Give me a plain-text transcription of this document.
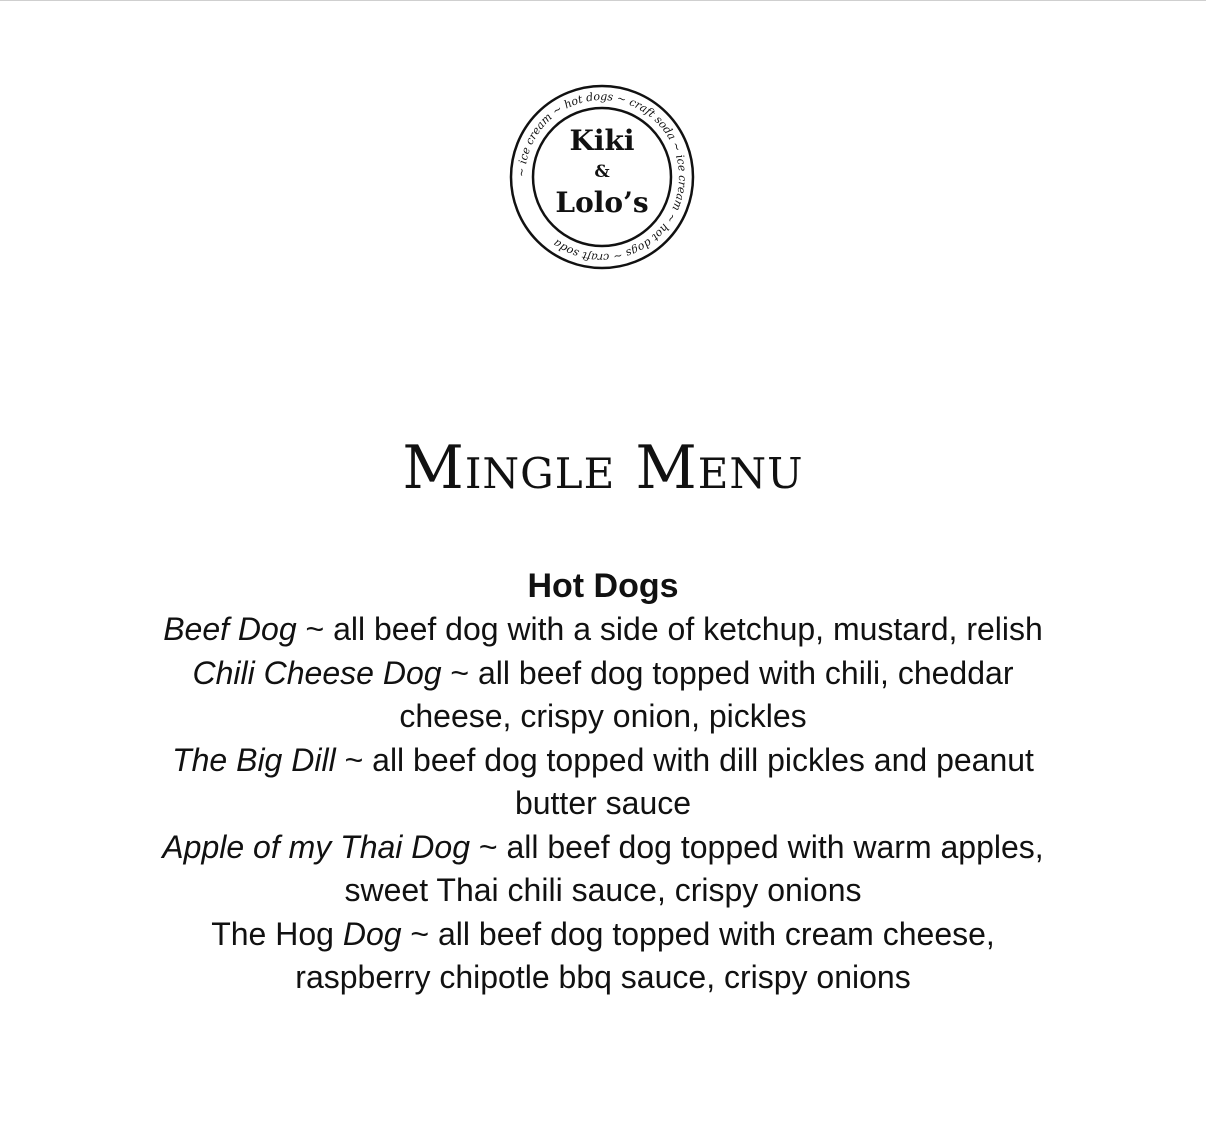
~ ice cream ~ hot dogs ~ craft soda ~ ice cream ~ hot dogs ~ craft soda
Kiki
&
Lolo’s
Mingle Menu
Hot Dogs
Beef Dog ~ all beef dog with a side of ketchup, mustard, relish
Chili Cheese Dog ~ all beef dog topped with chili, cheddar cheese, crispy onion, pickles
The Big Dill ~ all beef dog topped with dill pickles and peanut butter sauce
Apple of my Thai Dog ~ all beef dog topped with warm apples, sweet Thai chili sauce, crispy onions
The Hog Dog ~ all beef dog topped with cream cheese, raspberry chipotle bbq sauce, crispy onions
